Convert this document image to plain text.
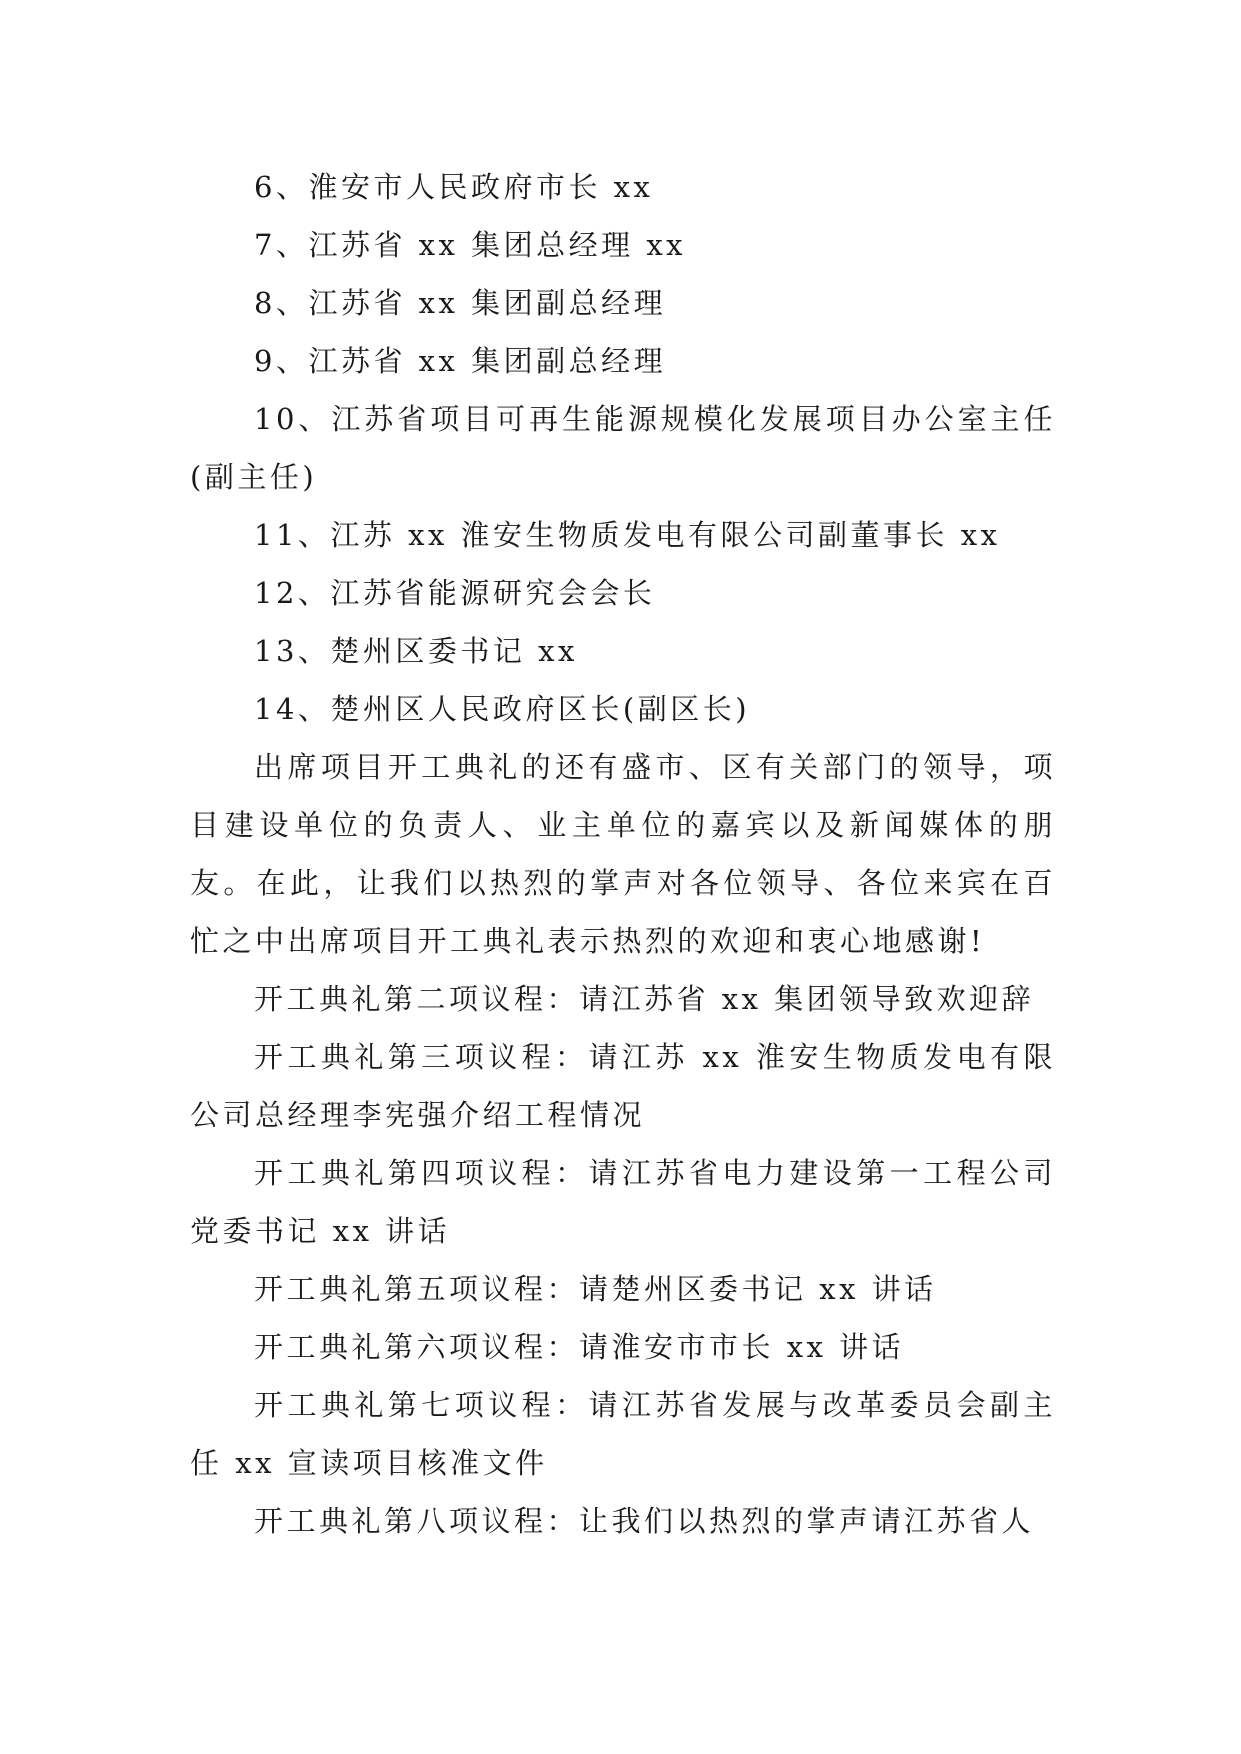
6、淮安市人民政府市长 xx

7、江苏省 xx 集团总经理 xx

8、江苏省 xx 集团副总经理

9、江苏省 xx 集团副总经理

10、江苏省项目可再生能源规模化发展项目办公室主任(副主任)

11、江苏 xx 淮安生物质发电有限公司副董事长 xx

12、江苏省能源研究会会长

13、楚州区委书记 xx

14、楚州区人民政府区长(副区长)

出席项目开工典礼的还有盛市、区有关部门的领导，项目建设单位的负责人、业主单位的嘉宾以及新闻媒体的朋友。在此，让我们以热烈的掌声对各位领导、各位来宾在百忙之中出席项目开工典礼表示热烈的欢迎和衷心地感谢!

开工典礼第二项议程：请江苏省 xx 集团领导致欢迎辞

开工典礼第三项议程：请江苏 xx 淮安生物质发电有限公司总经理李宪强介绍工程情况

开工典礼第四项议程：请江苏省电力建设第一工程公司党委书记 xx 讲话

开工典礼第五项议程：请楚州区委书记 xx 讲话

开工典礼第六项议程：请淮安市市长 xx 讲话

开工典礼第七项议程：请江苏省发展与改革委员会副主任 xx 宣读项目核准文件

开工典礼第八项议程：让我们以热烈的掌声请江苏省人
